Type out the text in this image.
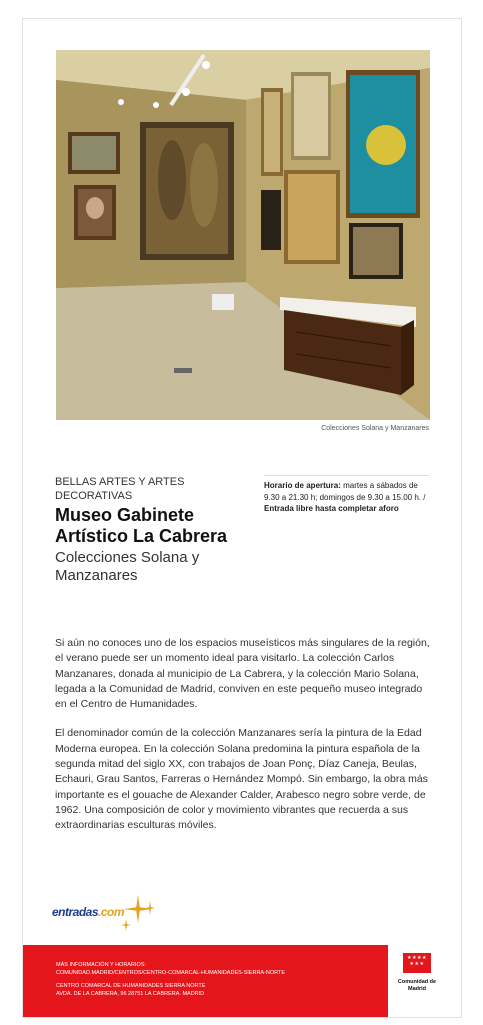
Colecciones Solana y Manzanares
BELLAS ARTES Y ARTES DECORATIVAS
Museo Gabinete Artístico La Cabrera
Colecciones Solana y Manzanares
Horario de apertura: martes a sábados de 9.30 a 21.30 h; domingos de 9.30 a 15.00 h. / Entrada libre hasta completar aforo

Si aún no conoces uno de los espacios museísticos más singulares de la región, el verano puede ser un momento ideal para visitarlo. La colección Carlos Manzanares, donada al municipio de La Cabrera, y la colección Mario Solana, legada a la Comunidad de Madrid, conviven en este pequeño museo integrado en el Centro de Humanidades.

El denominador común de la colección Manzanares sería la pintura de la Edad Moderna europea. En la colección Solana predomina la pintura española de la segunda mitad del siglo XX, con trabajos de Joan Ponç, Díaz Caneja, Beulas, Echauri, Grau Santos, Farreras o Hernández Mompó. Sin embargo, la obra más importante es el gouache de Alexander Calder, Arabesco negro sobre verde, de 1962. Una composición de color y movimiento vibrantes que recuerda a sus extraordinarias esculturas móviles.

entradas.com
MÁS INFORMACIÓN Y HORARIOS:
COMUNIDAD.MADRID/CENTROS/CENTRO-COMARCAL-HUMANIDADES-SIERRA-NORTE
CENTRO COMARCAL DE HUMANIDADES SIERRA NORTE
AVDA. DE LA CABRERA, 96 28751 LA CABRERA. MADRID
★★★★ ★★★
Comunidad de Madrid
